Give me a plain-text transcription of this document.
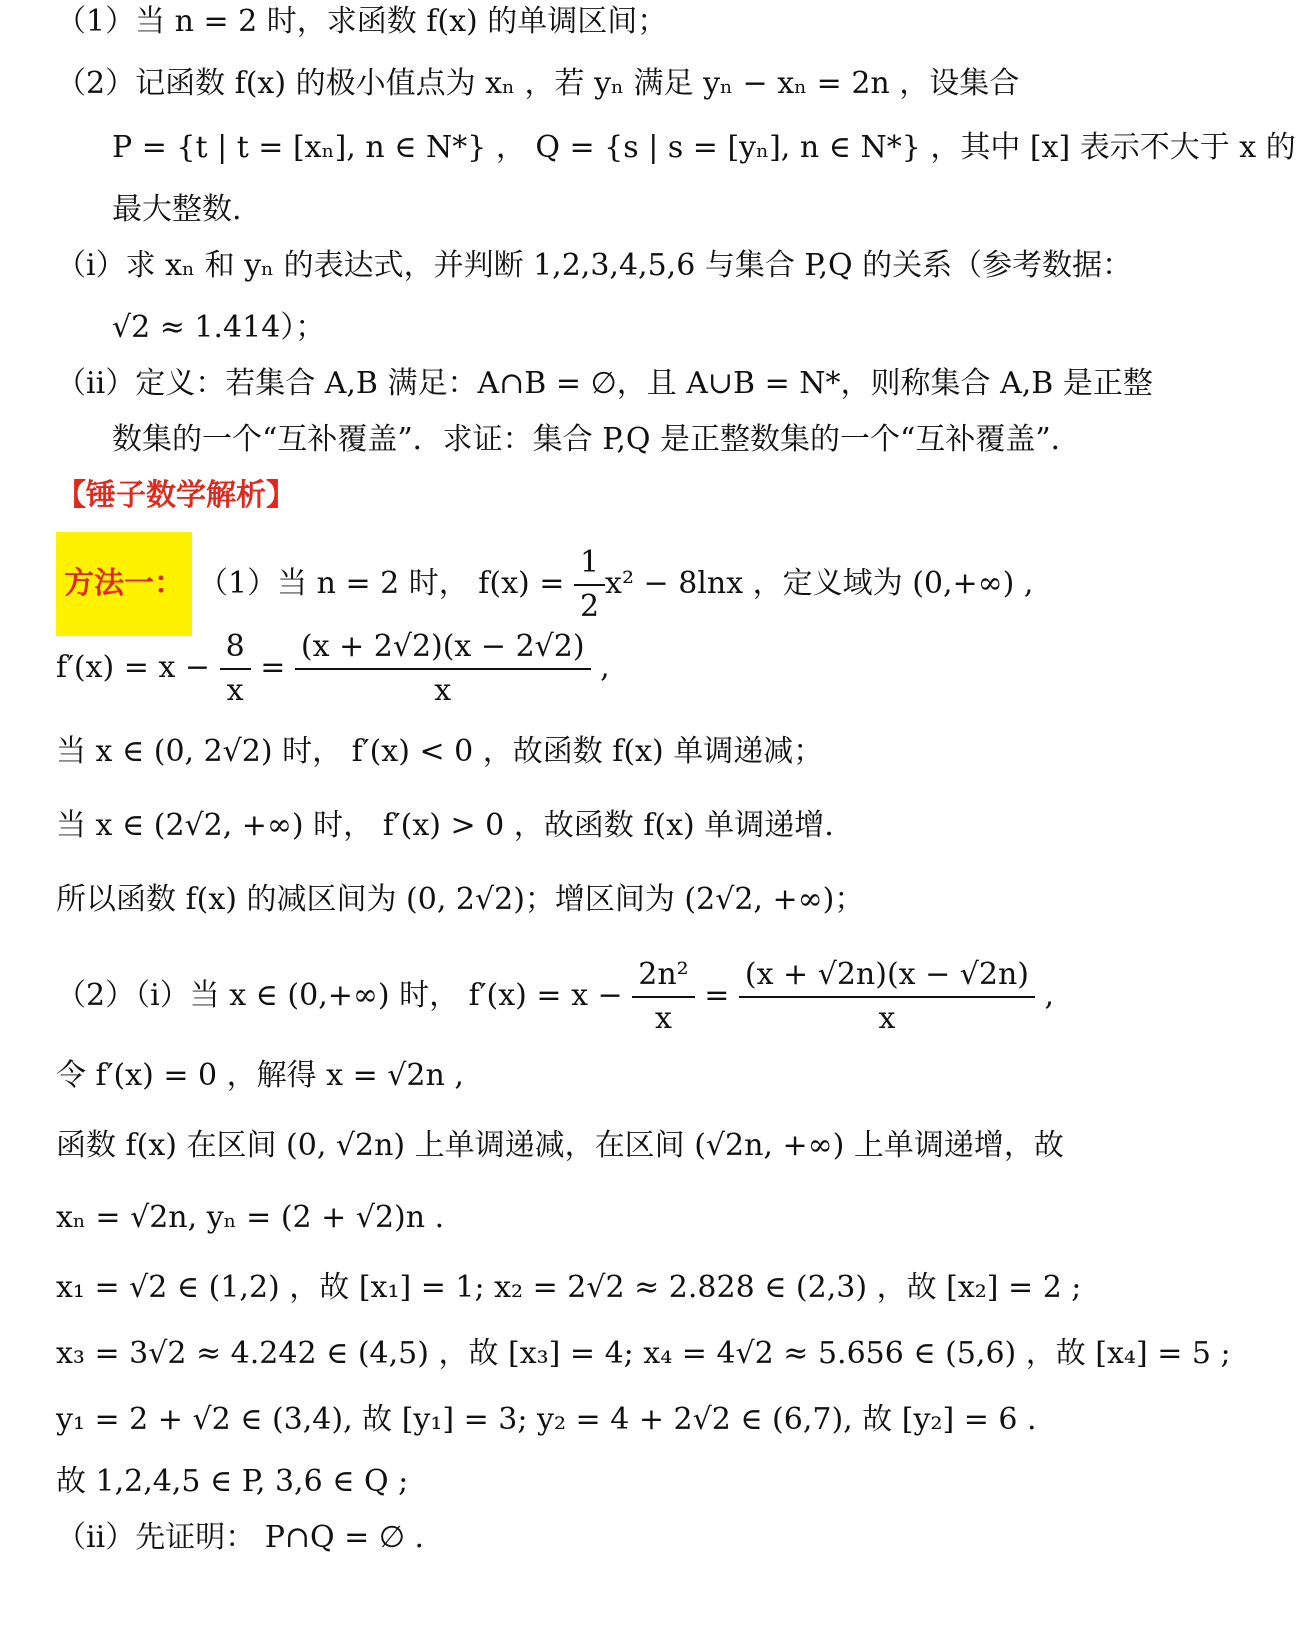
（1）当 n = 2 时，求函数 f(x) 的单调区间；
（2）记函数 f(x) 的极小值点为 xₙ ，若 yₙ 满足 yₙ − xₙ = 2n ，设集合
P = {t | t = [xₙ], n ∈ N*} ， Q = {s | s = [yₙ], n ∈ N*} ，其中 [x] 表示不大于 x 的
最大整数.
（i）求 xₙ 和 yₙ 的表达式，并判断 1,2,3,4,5,6 与集合 P,Q 的关系（参考数据：
√2 ≈ 1.414）；
（ii）定义：若集合 A,B 满足：A∩B = ∅，且 A∪B = N*，则称集合 A,B 是正整
数集的一个“互补覆盖”．求证：集合 P,Q 是正整数集的一个“互补覆盖”．
【锤子数学解析】
方法一： （1）当 n = 2 时， $f(x) = \frac{1}{2} x^2 - 8\ln x$ ，定义域为 (0,+∞) ,
$f'(x) = x - \frac{8}{x} = \frac{(x + 2√2)(x - 2√2)}{x}$ ,
当 x ∈ (0, 2√2) 时， f′(x) < 0 ，故函数 f(x) 单调递减；
当 x ∈ (2√2, +∞) 时， f′(x) > 0 ，故函数 f(x) 单调递增.
所以函数 f(x) 的减区间为 (0, 2√2)；增区间为 (2√2, +∞)；
（2）（i）当 x ∈ (0,+∞) 时， $f'(x) = x - \frac{\text{2n²}}{x} = \frac{(x + √2n)(x - √2n)}{x}$ ,
令 f′(x) = 0 ，解得 x = √2n ,
函数 f(x) 在区间 (0, √2n) 上单调递减，在区间 (√2n, +∞) 上单调递增，故
xₙ = √2n, yₙ = (2 + √2)n .
x₁ = √2 ∈ (1,2) ，故 [x₁] = 1; x₂ = 2√2 ≈ 2.828 ∈ (2,3) ，故 [x₂] = 2 ;
x₃ = 3√2 ≈ 4.242 ∈ (4,5) ，故 [x₃] = 4; x₄ = 4√2 ≈ 5.656 ∈ (5,6) ，故 [x₄] = 5 ;
y₁ = 2 + √2 ∈ (3,4), 故 [y₁] = 3; y₂ = 4 + 2√2 ∈ (6,7), 故 [y₂] = 6 .
故 1,2,4,5 ∈ P, 3,6 ∈ Q ;
（ii）先证明： P∩Q = ∅ .
